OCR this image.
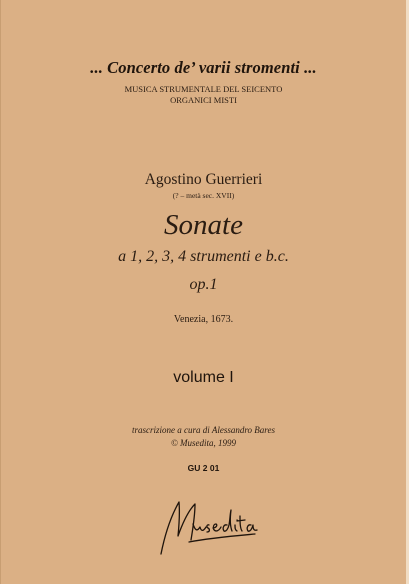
... Concerto de’ varii stromenti ...
MUSICA STRUMENTALE DEL SEICENTO
ORGANICI MISTI
Agostino Guerrieri
(? – metà sec. XVII)
Sonate
a 1, 2, 3, 4 strumenti e b.c.
op.1
Venezia, 1673.
volume I
trascrizione a cura di Alessandro Bares
© Musedita, 1999
GU 2 01
